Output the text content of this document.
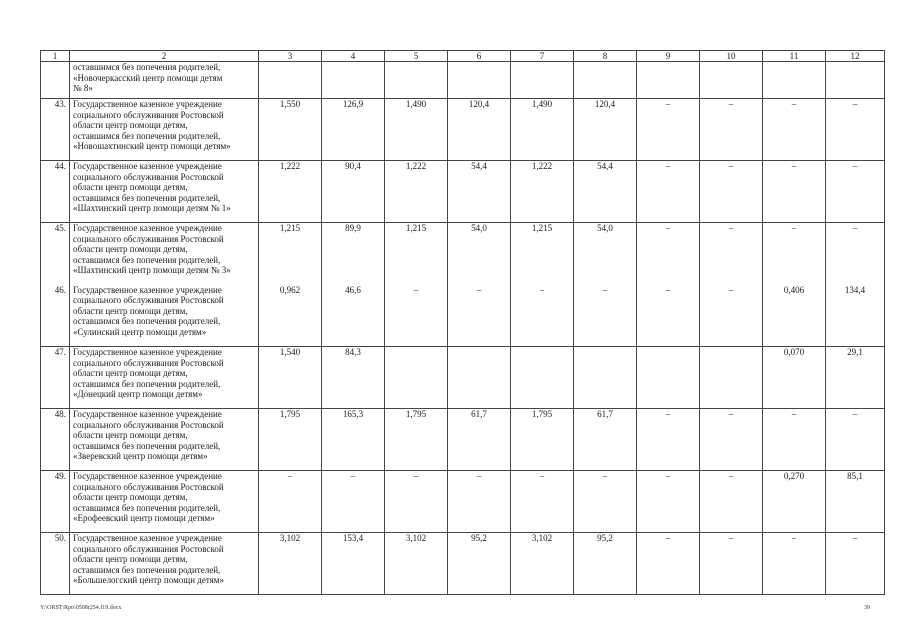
1	2	3	4	5	6	7	8	9	10	11	12

	оставшимся без попечения родителей,
«Новочеркасский центр помощи детям
№ 8»										

43.	Государственное казенное учреждение
социального обслуживания Ростовской
области центр помощи детям,
оставшимся без попечения родителей,
«Новошахтинский центр помощи детям»	1,550	126,9	1,490	120,4	1,490	120,4	–	–	–	–
44.	Государственное казенное учреждение
социального обслуживания Ростовской
области центр помощи детям,
оставшимся без попечения родителей,
«Шахтинский центр помощи детям № 1»	1,222	90,4	1,222	54,4	1,222	54,4	–	–	–	–
45.	Государственное казенное учреждение
социального обслуживания Ростовской
области центр помощи детям,
оставшимся без попечения родителей,
«Шахтинский центр помощи детям № 3»	1,215	89,9	1,215	54,0	1,215	54,0	–	–	–	–
46.	Государственное казенное учреждение
социального обслуживания Ростовской
области центр помощи детям,
оставшимся без попечения родителей,
«Сулинский центр помощи детям»	0,962	46,6	–	–	–	–	–	–	0,406	134,4
47.	Государственное казенное учреждение
социального обслуживания Ростовской
области центр помощи детям,
оставшимся без попечения родителей,
«Донецкий центр помощи детям»	1,540	84,3							0,070	29,1
48.	Государственное казенное учреждение
социального обслуживания Ростовской
области центр помощи детям,
оставшимся без попечения родителей,
«Зверевский центр помощи детям»	1,795	165,3	1,795	61,7	1,795	61,7	–	–	–	–
49.	Государственное казенное учреждение
социального обслуживания Ростовской
области центр помощи детям,
оставшимся без попечения родителей,
«Ерофеевский центр помощи детям»	–	–	–	–	–	–	–	–	0,270	85,1
50.	Государственное казенное учреждение
социального обслуживания Ростовской
области центр помощи детям,
оставшимся без попечения родителей,
«Большелогский центр помощи детям»	3,102	153,4	3,102	95,2	3,102	95,2	–	–	–	–
Y:\ORST\Rpo\0508r254.f19.docx	39
